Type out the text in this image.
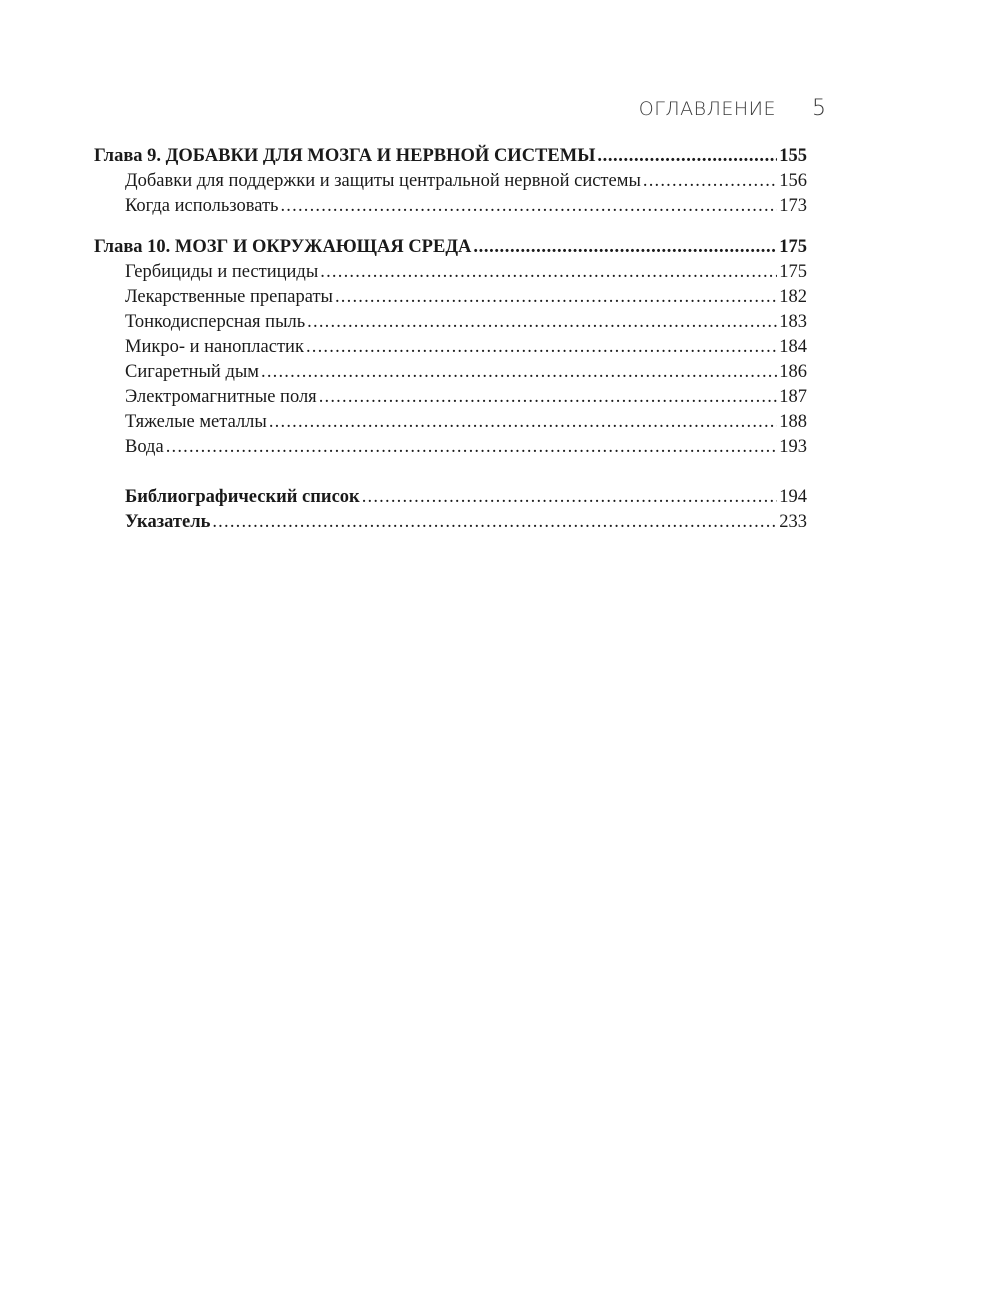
ОГЛАВЛЕНИЕ 5
Глава 9. ДОБАВКИ ДЛЯ МОЗГА И НЕРВНОЙ СИСТЕМЫ .....	155
Добавки для поддержки и защиты центральной нервной системы .....	156
Когда использовать .....	173
Глава 10. МОЗГ И ОКРУЖАЮЩАЯ СРЕДА .....	175
Гербициды и пестициды .....	175
Лекарственные препараты .....	182
Тонкодисперсная пыль .....	183
Микро- и нанопластик .....	184
Сигаретный дым .....	186
Электромагнитные поля .....	187
Тяжелые металлы .....	188
Вода .....	193
Библиографический список .....	194
Указатель .....	233
